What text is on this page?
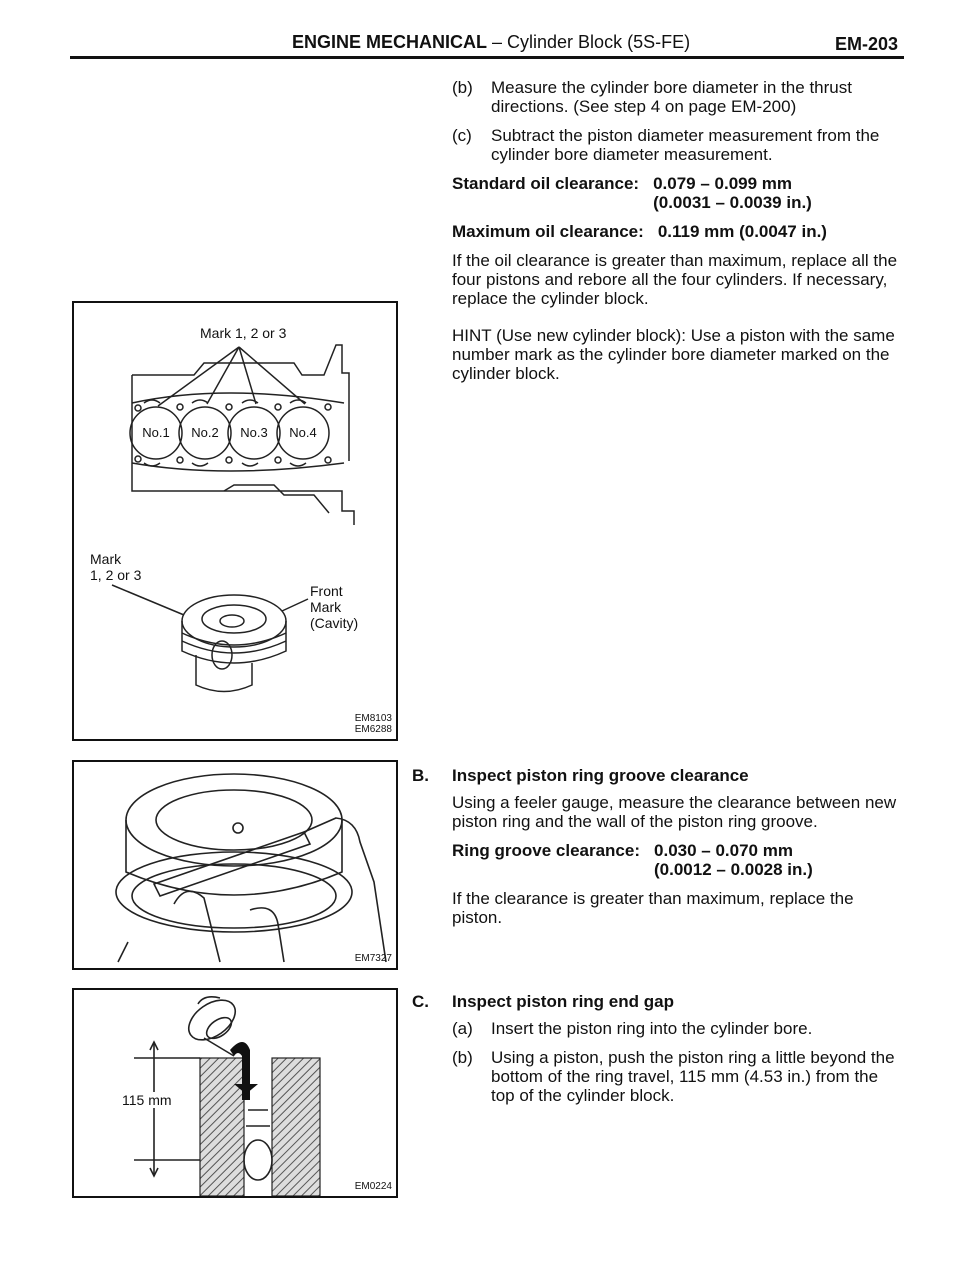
ENGINE MECHANICAL – Cylinder Block (5S-FE)	EM-203
(b) Measure the cylinder bore diameter in the thrust directions. (See step 4 on page EM-200)
(c) Subtract the piston diameter measurement from the cylinder bore diameter measurement.
Standard oil clearance: 0.079 – 0.099 mm
(0.0031 – 0.0039 in.)
Maximum oil clearance: 0.119 mm (0.0047 in.)

If the oil clearance is greater than maximum, replace all the four pistons and rebore all the four cylinders. If necessary, replace the cylinder block.

HINT (Use new cylinder block): Use a piston with the same number mark as the cylinder bore diameter marked on the cylinder block.

B. Inspect piston ring groove clearance

Using a feeler gauge, measure the clearance between new piston ring and the wall of the piston ring groove.

Ring groove clearance: 0.030 – 0.070 mm
(0.0012 – 0.0028 in.)

If the clearance is greater than maximum, replace the piston.

C. Inspect piston ring end gap
(a) Insert the piston ring into the cylinder bore.
(b) Using a piston, push the piston ring a little beyond the bottom of the ring travel, 115 mm (4.53 in.) from the top of the cylinder block.
Mark 1, 2 or 3
No.1	No.2	No.3	No.4
Mark
1, 2 or 3
Front
Mark
(Cavity)
EM8103
EM6288
EM7327
115 mm
EM0224
